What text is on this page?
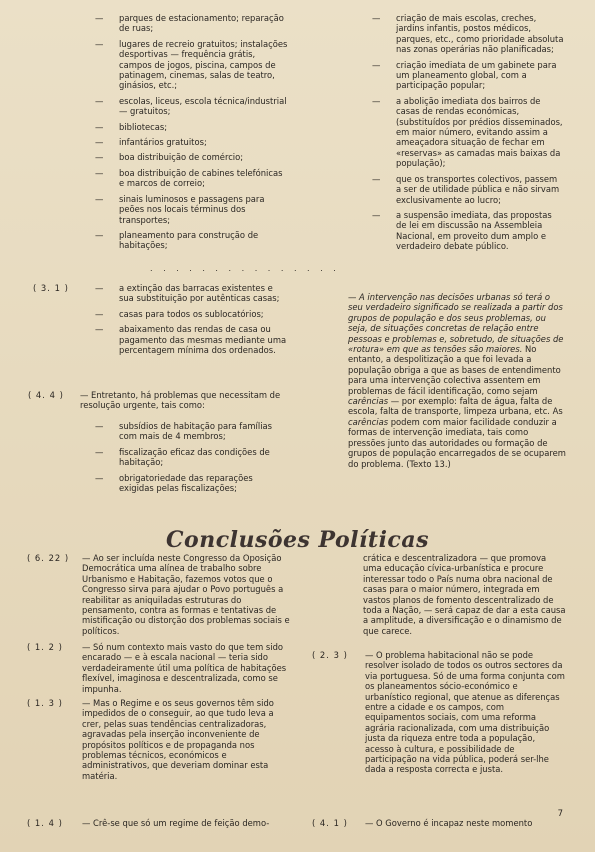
—	parques de estacionamento; reparação de ruas;
—	lugares de recreio gratuitos; instalações desportivas — frequência grátis, campos de jogos, piscina, campos de patinagem, cinemas, salas de teatro, ginásios, etc.;
—	escolas, liceus, escola técnica/industrial — gratuitos;
—	bibliotecas;
—	infantários gratuitos;
—	boa distribuição de comércio;
—	boa distribuição de cabines telefónicas e marcos de correio;
—	sinais luminosos e passagens para peões nos locais términus dos transportes;
—	planeamento para construção de habitações;
. . . . . . . . . . . . . . .
( 3. 1 )	—	a extinção das barracas existentes e sua substituição por autênticas casas;
—	casas para todos os sublocatórios;
—	abaixamento das rendas de casa ou pagamento das mesmas mediante uma percentagem mínima dos ordenados.
( 4. 4 ) — Entretanto, há problemas que necessitam de resolução urgente, tais como:
—	subsídios de habitação para famílias com mais de 4 membros;
—	fiscalização eficaz das condições de habitação;
—	obrigatoriedade das reparações exigidas pelas fiscalizações;
—	criação de mais escolas, creches, jardins infantis, postos médicos, parques, etc., como prioridade absoluta nas zonas operárias não planificadas;
—	criação imediata de um gabinete para um planeamento global, com a participação popular;
—	a abolição imediata dos bairros de casas de rendas económicas, (substituídos por prédios disseminados, em maior número, evitando assim a ameaçadora situação de fechar em «reservas» as camadas mais baixas da população);
—	que os transportes colectivos, passem a ser de utilidade pública e não sirvam exclusivamente ao lucro;
—	a suspensão imediata, das propostas de lei em discussão na Assembleia Nacional, em proveito dum amplo e verdadeiro debate público.
— A intervenção nas decisões urbanas só terá o seu verdadeiro significado se realizada a partir dos grupos de população e dos seus problemas, ou seja, de situações concretas de relação entre pessoas e problemas e, sobretudo, de situações de «rotura» em que as tensões são maiores. No entanto, a despolitização a que foi levada a população obriga a que as bases de entendimento para uma intervenção colectiva assentem em problemas de fácil identificação, como sejam carências — por exemplo: falta de água, falta de escola, falta de transporte, limpeza urbana, etc. As carências podem com maior facilidade conduzir a formas de intervenção imediata, tais como pressões junto das autoridades ou formação de grupos de população encarregados de se ocuparem do problema. (Texto 13.)
Conclusões Políticas
( 6. 22 ) — Ao ser incluída neste Congresso da Oposição Democrática uma alínea de trabalho sobre Urbanismo e Habitação, fazemos votos que o Congresso sirva para ajudar o Povo português a reabilitar as aniquiladas estruturas do pensamento, contra as formas e tentativas de mistificação ou distorção dos problemas sociais e políticos.
( 1. 2 ) — Só num contexto mais vasto do que tem sido encarado — e à escala nacional — teria sido verdadeiramente útil uma política de habitações flexível, imaginosa e descentralizada, como se impunha.
( 1. 3 ) — Mas o Regime e os seus governos têm sido impedidos de o conseguir, ao que tudo leva a crer, pelas suas tendências centralizadoras, agravadas pela inserção inconveniente de propósitos políticos e de propaganda nos problemas técnicos, económicos e administrativos, que deveriam dominar esta matéria.
( 1. 4 ) — Crê-se que só um regime de feição demo-
crática e descentralizadora — que promova uma educação cívica-urbanística e procure interessar todo o País numa obra nacional de casas para o maior número, integrada em vastos planos de fomento descentralizado de toda a Nação, — será capaz de dar a esta causa a amplitude, a diversificação e o dinamismo de que carece.
( 2. 3 ) — O problema habitacional não se pode resolver isolado de todos os outros sectores da via portuguesa. Só de uma forma conjunta com os planeamentos sócio-económico e urbanístico regional, que atenue as diferenças entre a cidade e os campos, com equipamentos sociais, com uma reforma agrária racionalizada, com uma distribuição justa da riqueza entre toda a população, acesso à cultura, e possibilidade de participação na vida pública, poderá ser-lhe dada a resposta correcta e justa.
( 4. 1 ) — O Governo é incapaz neste momento
7
